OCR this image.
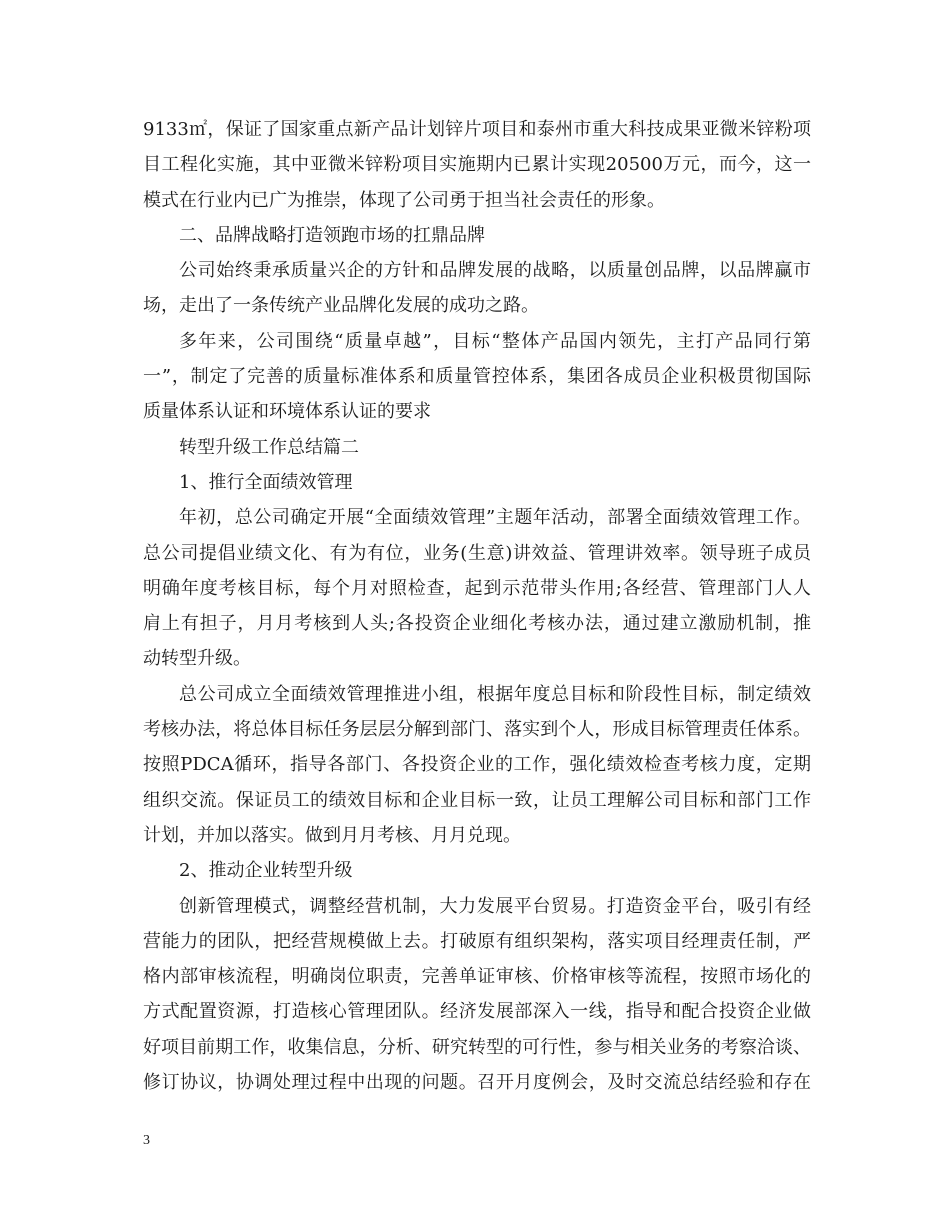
9133㎡，保证了国家重点新产品计划锌片项目和泰州市重大科技成果亚微米锌粉项
目工程化实施，其中亚微米锌粉项目实施期内已累计实现20500万元，而今，这一
模式在行业内已广为推崇，体现了公司勇于担当社会责任的形象。
二、品牌战略打造领跑市场的扛鼎品牌
公司始终秉承质量兴企的方针和品牌发展的战略，以质量创品牌，以品牌赢市
场，走出了一条传统产业品牌化发展的成功之路。
多年来，公司围绕“质量卓越”，目标“整体产品国内领先，主打产品同行第
一”，制定了完善的质量标准体系和质量管控体系，集团各成员企业积极贯彻国际
质量体系认证和环境体系认证的要求
转型升级工作总结篇二
1、推行全面绩效管理
年初，总公司确定开展“全面绩效管理”主题年活动，部署全面绩效管理工作。
总公司提倡业绩文化、有为有位，业务(生意)讲效益、管理讲效率。领导班子成员
明确年度考核目标，每个月对照检查，起到示范带头作用;各经营、管理部门人人
肩上有担子，月月考核到人头;各投资企业细化考核办法，通过建立激励机制，推
动转型升级。
总公司成立全面绩效管理推进小组，根据年度总目标和阶段性目标，制定绩效
考核办法，将总体目标任务层层分解到部门、落实到个人，形成目标管理责任体系。
按照PDCA循环，指导各部门、各投资企业的工作，强化绩效检查考核力度，定期
组织交流。保证员工的绩效目标和企业目标一致，让员工理解公司目标和部门工作
计划，并加以落实。做到月月考核、月月兑现。
2、推动企业转型升级
创新管理模式，调整经营机制，大力发展平台贸易。打造资金平台，吸引有经
营能力的团队，把经营规模做上去。打破原有组织架构，落实项目经理责任制，严
格内部审核流程，明确岗位职责，完善单证审核、价格审核等流程，按照市场化的
方式配置资源，打造核心管理团队。经济发展部深入一线，指导和配合投资企业做
好项目前期工作，收集信息，分析、研究转型的可行性，参与相关业务的考察洽谈、
修订协议，协调处理过程中出现的问题。召开月度例会，及时交流总结经验和存在
3
